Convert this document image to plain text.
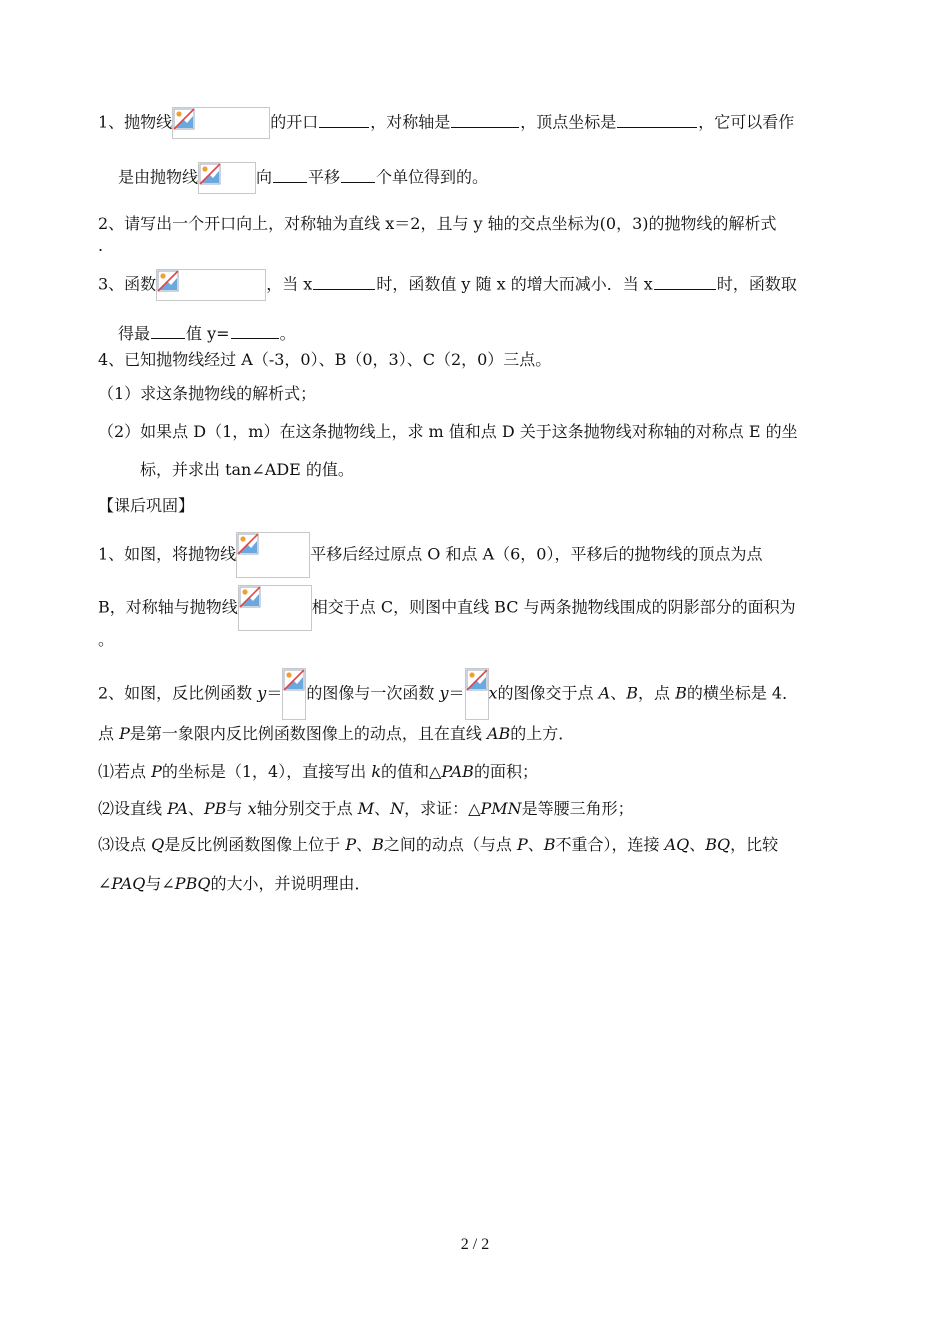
1、抛物线	的开口	，对称轴是	，顶点坐标是	，它可以看作
是由抛物线	向 平移 个单位得到的。
2、请写出一个开口向上，对称轴为直线 x＝2，且与 y 轴的交点坐标为(0，3)的抛物线的解析式
.
3、函数	，当 x	时，函数值 y 随 x 的增大而减小．当 x	时，函数取
得最 值 y=	。
4、已知抛物线经过 A（-3，0）、B（0，3）、C（2，0）三点。
（1）求这条抛物线的解析式；
（2）如果点 D（1，m）在这条抛物线上，求 m 值和点 D 关于这条抛物线对称轴的对称点 E 的坐
标，并求出 tan∠ADE 的值。
【课后巩固】
1、如图，将抛物线	平移后经过原点 O 和点 A（6，0），平移后的抛物线的顶点为点
B，对称轴与抛物线	相交于点 C，则图中直线 BC 与两条抛物线围成的阴影部分的面积为
。
2、如图，反比例函数 y＝ 的图像与一次函数 y＝ x的图像交于点 A、B，点 B的横坐标是 4．
点 P是第一象限内反比例函数图像上的动点，且在直线 AB的上方．
⑴若点 P的坐标是（1，4），直接写出 k的值和△PAB的面积；
⑵设直线 PA、PB与 x轴分别交于点 M、N，求证：△PMN是等腰三角形；
⑶设点 Q是反比例函数图像上位于 P、B之间的动点（与点 P、B不重合），连接 AQ、BQ，比较
∠PAQ与∠PBQ的大小，并说明理由．
2 / 2
